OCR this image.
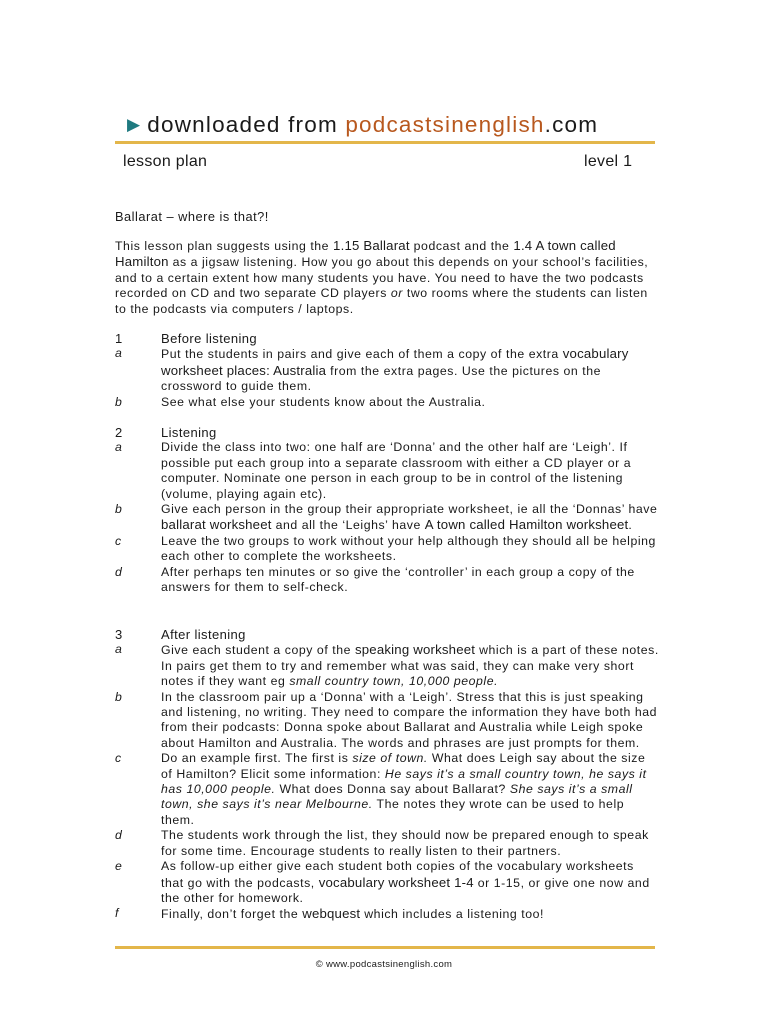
▶ downloaded from podcastsinenglish.com
lesson plan	level 1
Ballarat – where is that?!
This lesson plan suggests using the 1.15 Ballarat podcast and the 1.4 A town called Hamilton as a jigsaw listening. How you go about this depends on your school’s facilities, and to a certain extent how many students you have. You need to have the two podcasts recorded on CD and two separate CD players or two rooms where the students can listen to the podcasts via computers / laptops.
1	Before listening
a	Put the students in pairs and give each of them a copy of the extra vocabulary worksheet places: Australia from the extra pages. Use the pictures on the crossword to guide them.
b	See what else your students know about the Australia.
2	Listening
a	Divide the class into two: one half are ‘Donna’ and the other half are ‘Leigh’. If possible put each group into a separate classroom with either a CD player or a computer. Nominate one person in each group to be in control of the listening (volume, playing again etc).
b	Give each person in the group their appropriate worksheet, ie all the ‘Donnas’ have ballarat worksheet and all the ‘Leighs’ have A town called Hamilton worksheet.
c	Leave the two groups to work without your help although they should all be helping each other to complete the worksheets.
d	After perhaps ten minutes or so give the ‘controller’ in each group a copy of the answers for them to self-check.
3	After listening
a	Give each student a copy of the speaking worksheet which is a part of these notes. In pairs get them to try and remember what was said, they can make very short notes if they want eg small country town, 10,000 people.
b	In the classroom pair up a ‘Donna’ with a ‘Leigh’. Stress that this is just speaking and listening, no writing. They need to compare the information they have both had from their podcasts: Donna spoke about Ballarat and Australia while Leigh spoke about Hamilton and Australia. The words and phrases are just prompts for them.
c	Do an example first. The first is size of town. What does Leigh say about the size of Hamilton? Elicit some information: He says it’s a small country town, he says it has 10,000 people. What does Donna say about Ballarat? She says it’s a small town, she says it’s near Melbourne. The notes they wrote can be used to help them.
d	The students work through the list, they should now be prepared enough to speak for some time. Encourage students to really listen to their partners.
e	As follow-up either give each student both copies of the vocabulary worksheets that go with the podcasts, vocabulary worksheet 1-4 or 1-15, or give one now and the other for homework.
f	Finally, don’t forget the webquest which includes a listening too!
© www.podcastsinenglish.com
